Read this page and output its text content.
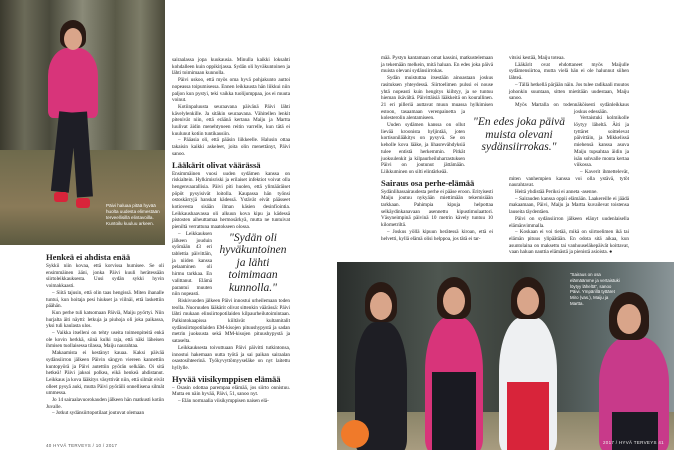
Päivi haluaa pitää hyvää huolta uudesta elimestään terveellisillä elintavoilla. Kuntoilu kuuluu arkeen.
"Sairaus on osa elämäämme ja vertaistuki löytyy läheltä", sanoo Päivi. Ympärillä tyttäret Miro (vas.), Maiju ja Martta.
Henkeä ei ahdista enää

Sykkii niin kovaa, että korvissa humisee. Se oli ensimmäinen ääni, jonka Päivi kuuli herätessään siirtoleikkauksesta. Uusi sydän sykki hyvin voimakkaasti.

– Siitä tajusin, että olin taas hengissä. Miten ihanalle tuntui, kun hoitaja pesi hiukset ja viilnäi, että laskettiin päähän.

Kun perhe tuli katsomaan Päiviä, Maiju pyörtyi. Niin hurjalta äiti näytti: letkuja ja piuhoja oli joka paikassa, yksi tuli kaulasta ulos.

– Vaikka itselleni on tehty useita toimenpiteitä enkä ole kovin herkkä, siinä kulki raja, että näki läheisen ihmisen tuollaisessa tilassa, Maiju naurahtaa.

Makaamista ei kestänyt kauaa. Kaksi päivää sydänsiirron jälkeen Päivin sängyn viereen kannettiin kuntopyörä ja Päivi autettiin pyörän selkään. Oi sitä hetkeä! Päivi jaksoi polkea, eikä henkeä ahdistanut. Leikkaus ja kova lääkitys väsyttivät niin, että silmät eivät olleet pysyä auki, mutta Päivi pyöräili onnellisena silmät ummessa.

Jo 14 sairaalavuorokauden jälkeen hän matkusti kotiin Juvalle.

– Jotkut sydänsiirtopotilaat joutuvat olemaan

sairaalassa jopa kuukausia. Minulla kaikki loksahti kohdalleen kuin oppikirjassa. Sydän oli hyväkuntoinen ja lähti toimimaan kunnolla.

Päivi uskoo, että myös oma hyvä pohjakunto auttoi nopeassa toipumisessa. Ennen leikkausta hän liikkui niin paljon kun pystyi, teki vaikka tuolijumppaa, jos ei muuta voinut.

Kotiinpaluusta seuraavana päivänä Päivi lähti kävelylenkille. Ja sitäkin seuraavana. Vähitellen lenkit pitenivät niin, että eräänä kertana Maiju ja Martta luulivat äidin menehtyneen reitin varrelle, kun tätä ei kuulunut kotiin tuntikausiin.

– Pääasia oli, että pääsin liikkeelle. Halusin ottaa takaisin kaikki askeleet, joita olin menettänyt, Päivi sanoo.

Lääkärit olivat väärässä

Ensimmäinen vuosi uuden sydämen kanssa on riskialtein. Hylkimisriski ja erilaiset infektiot voivat olla hengenvaarallisia. Päivi piti huolen, että ylimääräiset pöpöt pysyisivät loitolla. Kaupassa hän työnsi ostoskärryjä hanskat kädessä. Ystävät eivät päässeet kotiovesta sisään ilman käsien desinfiointia. Leikkaushaavassa oli alkuun kova kipu ja kädessä pistosten aiheuttamaa hermosärkyä, mutta ne tuntuivat pieniltä verrattuna maatokseen olossa.

"Sydän oli hyväkuntoinen ja lähti toimimaan kunnolla."

– Leikkauksen jälkeen jouduin syömään 43 eri tablettia päivittäin, ja niiden kanssa pelaaminen oli hirmu tarkkaa. En valittanut. Elämä parantui muuten niin nopeasti.

Riskivuoden jälkeen Päivi innostui urheilemaan toden teolla. Nuoruuden lääkärit olivat sittenkin väärässä: Päivi lähti mukaan elinsiirtopotilaiden kilpaurheilutoimintaan. Palkintokaapissa kiiltävät kultamitalit sydänsiirtopotilaiden EM-kisojen pituushypystä ja sadan metrin juoksusta sekä MM-kisojen pituushypystä ja sataselta.

Leikkauksesta toivuttuaan Päivi päivitti tutkintonsa, innostui hakemaan uutta työtä ja sai paikan sairaalan osastosihteerinä. Työkyvyttömyyseläke on nyt laitettu hyllylle.

Hyvää viisikymppisen elämää

– Osasin odottaa parempaa elämää, jos siirto onnistuu. Mutta en näin hyvää, Päivi, 51, sanoo nyt.

– Elän normaalia viisikymppisen naisen elä-

mää. Pystyn kantamaan omat kassini, matkustelemaan ja tekemään melkein, mitä haluan. En edes joka päivä muista olevani sydänsiirrokas.

Sydän muistuttaa itsestään ainoastaan joskus rasituksen yhteydessä. Siirtoelimen pulssi ei nouse yhtä nopeasti kuin hengitys kiihtyy, ja se tuntuu hieman ikävältä. Päivittäisiä lääkkeitä on kourallinen. 21 eri pilleriä auttavat muun muassa hylkimisen estoon, tasaamaan verenpainetta ja kolesterolin alentamiseen.

Uuden sydämen kanssa on ollut lievää kroonista hyljintää, joten kortisonilääkitys on pysyvä. Se on keholle kova lääke, ja lihasrevähdyksiä tulee entistä herkemmin. Pitkät juoksulenkit ja kilpaurheiluharrastuksen Päivi on joutunut jättämään. Liikkuminen on silti elintärkeää.

Sairaus osa perhe-elämää

Sydänlihassairaudesta perhe ei pääse eroon. Erityisesti Maiju joutuu nykyään miettimään tekemisiään tarkkaan. Pahimpia kipuja helpottaa selkäydinkanavaan asennettu kipustimulaattori. Väsyneimpinä päivinä 10 metrin kävely tuntuu 10 kilometriltä.

– Joskus yöllä kipuun herätessä kiroan, että ei helvetti, kyllä elämä olisi helppoa, jos tätä ei tar-

vitsisi kestää, Maiju toteaa.

Lääkärit ovat ehdottaneet myös Maijulle sydämensiirtoa, mutta vielä hän ei ole halunnut siihen lähteä.

– Tällä hetkellä pärjään näin. Jos tulee radikaali muutos johonkin suuntaan, sitten mietitään uudestaan, Maiju sanoo.

Myös Martalla on todennäköisesti sydänleikkaus joskus edessään.

Vertaistuki kolmikolle löytyy läheltä. Äiti ja tyttäret soittelevat päivittäin, ja Mikkelissä miehensä kanssa asuva Maiju tupsahtaa äidin ja isän sohvalle monta kertaa viikossa.

– Kaverit ihmettelevät, miten vanhempien kanssa voi olla ystävä, tytöt naurahtavat.

Heitä yhdistää Periksi ei anneta -asenne.

– Sairauden kanssa oppii elämään. Laakereille ei jäädä makaamaan, Päivi, Maiju ja Martta kuvailevat toistensa lauseita täydentäen.

Päivi on sydänsiirron jälkeen elänyt uudenlaisella elämänvimmalla.

– Koskaan ei voi tietää, mikä on siirtoelimen ikä tai elämän pituus ylipäätään. En odota sitä aikaa, kun asuntolaina on maksettu tai vanhuuseläkepäivät koittavat, vaan haluan nauttia elämästä ja pienistä asioista. ●

"En edes joka päivä muista olevani sydänsiirrokas."
40 HYVÄ TERVEYS / 10 / 2017
2017 / HYVÄ TERVEYS 41
